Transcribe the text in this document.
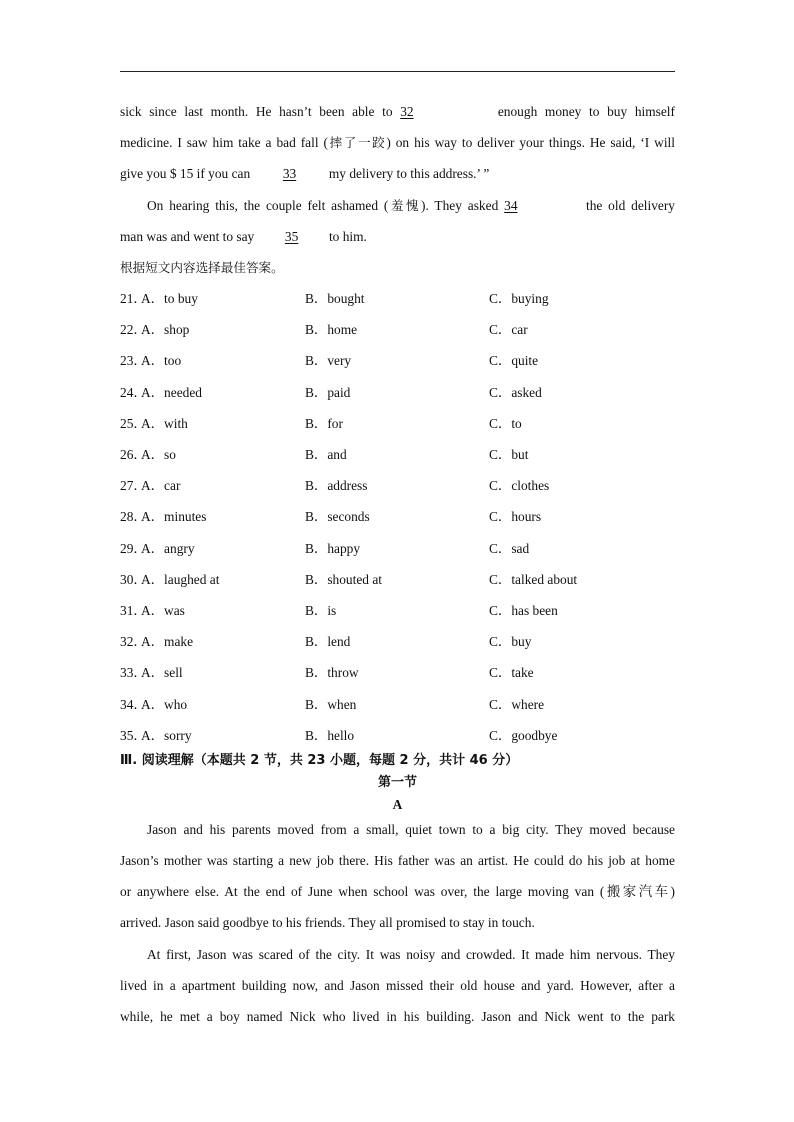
sick since last month. He hasn’t been able to 32	enough money to buy himself
medicine. I saw him take a bad fall (摔了一跤) on his way to deliver your things. He said, ‘I will
give you $ 15 if you can 33 my delivery to this address.’ ”
On hearing this, the couple felt ashamed (羞愧). They asked 34	the old delivery
man was and went to say 35 to him.
根据短文内容选择最佳答案。
21．
A．to buy	B．bought	C．buying
22．
A．shop	B．home	C．car
23．
A．too	B．very	C．quite
24．
A．needed	B．paid	C．asked
25．
A．with	B．for	C．to
26．
A．so	B．and	C．but
27．
A．car	B．address	C．clothes
28．
A．minutes	B．seconds	C．hours
29．
A．angry	B．happy	C．sad
30．
A．laughed at	B．shouted at	C．talked about
31．
A．was	B．is	C．has been
32．
A．make	B．lend	C．buy
33．
A．sell	B．throw	C．take
34．
A．who	B．when	C．where
35．
A．sorry	B．hello	C．goodbye
Ⅲ. 阅读理解（本题共 2 节，共 23 小题，每题 2 分，共计 46 分）
第一节
A
Jason and his parents moved from a small, quiet town to a big city. They moved because
Jason’s mother was starting a new job there. His father was an artist. He could do his job at home
or anywhere else. At the end of June when school was over, the large moving van (搬家汽车)
arrived. Jason said goodbye to his friends. They all promised to stay in touch.
At first, Jason was scared of the city. It was noisy and crowded. It made him nervous. They
lived in a apartment building now, and Jason missed their old house and yard. However, after a
while, he met a boy named Nick who lived in his building. Jason and Nick went to the park
